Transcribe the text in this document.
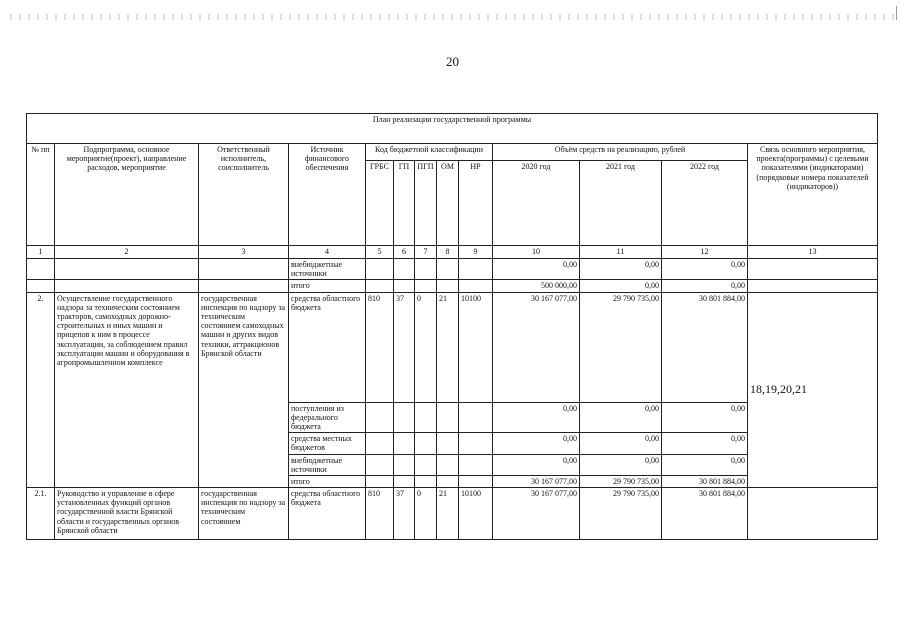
20
План реализации государственной программы												
№ пп	Подпрограмма, основное мероприятие(проект), направление расходов, мероприятие	Ответственный исполнитель, соисполнитель	Источник финансового обеспечения	Код бюджетной классификации					Объём средств на реализацию, рублей			Связь основного мероприятия, проекта(программы) с целевыми показателями (индикаторами) (порядковые номера показателей (индикаторов))
				ГРБС	ГП	ПГП	ОМ	НР	2020 год	2021 год	2022 год	
1	2	3	4	5	6	7	8	9	10	11	12	13
			внебюджетные источники						0,00	0,00	0,00	
			итого						500 000,00	0,00	0,00	
2.	Осуществление государственного надзора за техническим состоянием тракторов, самоходных дорожно-строительных и иных машин и прицепов к ним в процессе эксплуатации, за соблюдением правил эксплуатации машин и оборудования в агропромышленном комплексе	государственная инспекция по надзору за техническим состоянием самоходных машин и других видов техники, аттракционов Брянской области	средства областного бюджета	810	37	0	21	10100	30 167 077,00	29 790 735,00	30 801 884,00	18,19,20,21
			поступления из федерального бюджета						0,00	0,00	0,00	
			средства местных бюджетов						0,00	0,00	0,00	
			внебюджетные источники						0,00	0,00	0,00	
			итого						30 167 077,00	29 790 735,00	30 801 884,00	
2.1.	Руководство и управление в сфере установленных функций органов государственной власти Брянской области и государственных органов Брянской области	государственная инспекция по надзору за техническим состоянием	средства областного бюджета	810	37	0	21	10100	30 167 077,00	29 790 735,00	30 801 884,00	
